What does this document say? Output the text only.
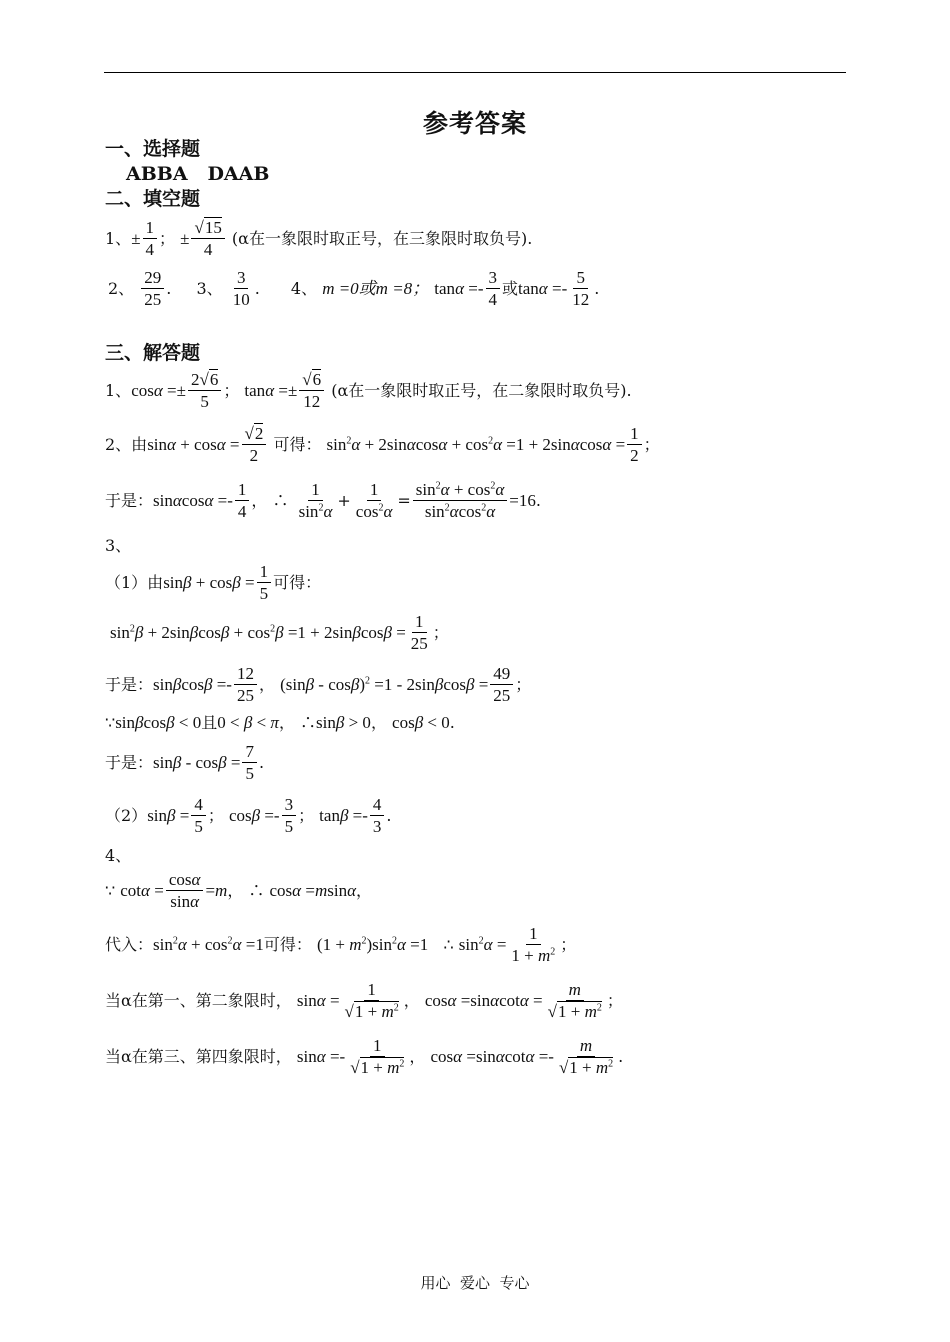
参考答案
一、选择题
ABBA   DAAB
二、填空题
1、± $\frac{1}{4}$ ； ± $\frac{√15}{4} (\alpha$在一象限时取正号，在三象限时取负号).
2、 $\frac{29}{25}$ . 3、 $\frac{3}{10}$ . 4、 m =0或m =8； $\tan\alpha =- \frac{3}{4}$ 或$\tan\alpha =- \frac{5}{12}$ .
三、解答题
1、$\cos\alpha =\pm \frac{2√6}{5}$ ； $\tan\alpha =\pm \frac{√6}{12} (\alpha$在一象限时取正号，在二象限时取负号).
2、由$\sin\alpha + \cos\alpha = \frac{√2}{2}$ 可得： $\sin^2\alpha + 2\sin\alpha\cos\alpha + \cos^2\alpha =1 + 2\sin\alpha\cos\alpha = \frac{1}{2}$ ；
于是：$\sin\alpha\cos\alpha =- \frac{1}{4}$ ， ∴ $\frac{1}{\sin^2\alpha} + \frac{1}{\cos^2\alpha} = \frac{\sin^2\alpha + \cos^2\alpha}{\sin^2\alpha\cos^2\alpha} =16$.
3、
（1）由$\sin\beta + \cos\beta = \frac{1}{5}$ 可得：
$\sin^2\beta + 2\sin\beta\cos\beta + \cos^2\beta =1 + 2\sin\beta\cos\beta = \frac{1}{25}$ ；
于是：$\sin\beta\cos\beta =- \frac{12}{25}$ ， $(\sin\beta - \cos\beta)^2 =1 - 2\sin\beta\cos\beta = \frac{49}{25}$ ；
∵sinβcosβ < 0且0 < β < π， ∴sinβ > 0， cosβ < 0.
于是：$\sin\beta - \cos\beta = \frac{7}{5}$ .
$(2)\sin\beta = \frac{4}{5}$ ； $\cos\beta =- \frac{3}{5}$ ； $\tan\beta =- \frac{4}{3}$ .
4、
∵ $\cot\alpha = \frac{\cos\alpha}{\sin\alpha} =m$， ∴ cosα =msinα，
代入：$\sin^2\alpha + \cos^2\alpha =1$可得： $(1 + m^2)\sin^2\alpha =1$   ∴ $\sin^2\alpha = \frac{1}{1 + m^2}$ ；
当α在第一、第二象限时， $\sin\alpha = \frac{1}{√1 + m^2}$ ， $\cos\alpha =\sin\alpha\cot\alpha = \frac{m}{√1 + m^2}$ ；
当α在第三、第四象限时， $\sin\alpha =- \frac{1}{√1 + m^2}$ ， $\cos\alpha =\sin\alpha\cot\alpha =- \frac{m}{√1 + m^2}$ .
用心  爱心  专心
